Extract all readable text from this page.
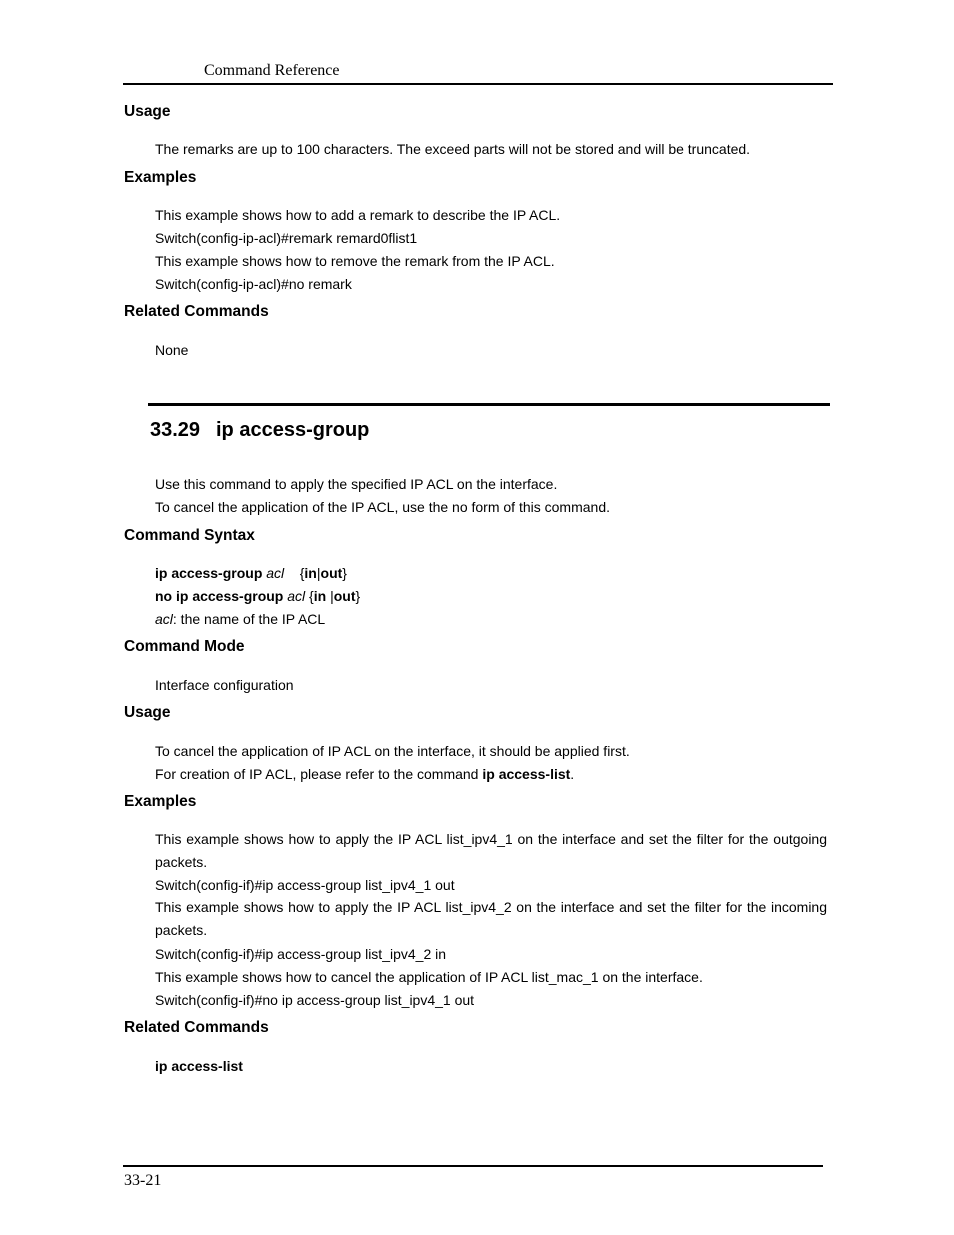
Command Reference
Usage
The remarks are up to 100 characters. The exceed parts will not be stored and will be truncated.
Examples
This example shows how to add a remark to describe the IP ACL.
Switch(config-ip-acl)#remark remard0flist1
This example shows how to remove the remark from the IP ACL.
Switch(config-ip-acl)#no remark
Related Commands
None
33.29 ip access-group
Use this command to apply the specified IP ACL on the interface.
To cancel the application of the IP ACL, use the no form of this command.
Command Syntax
ip access-group acl {in|out}
no ip access-group acl {in |out}
acl: the name of the IP ACL
Command Mode
Interface configuration
Usage
To cancel the application of IP ACL on the interface, it should be applied first.
For creation of IP ACL, please refer to the command ip access-list.
Examples
This example shows how to apply the IP ACL list_ipv4_1 on the interface and set the filter for the outgoing packets.
Switch(config-if)#ip access-group list_ipv4_1 out
This example shows how to apply the IP ACL list_ipv4_2 on the interface and set the filter for the incoming packets.
Switch(config-if)#ip access-group list_ipv4_2 in
This example shows how to cancel the application of IP ACL list_mac_1 on the interface.
Switch(config-if)#no ip access-group list_ipv4_1 out
Related Commands
ip access-list
33-21
